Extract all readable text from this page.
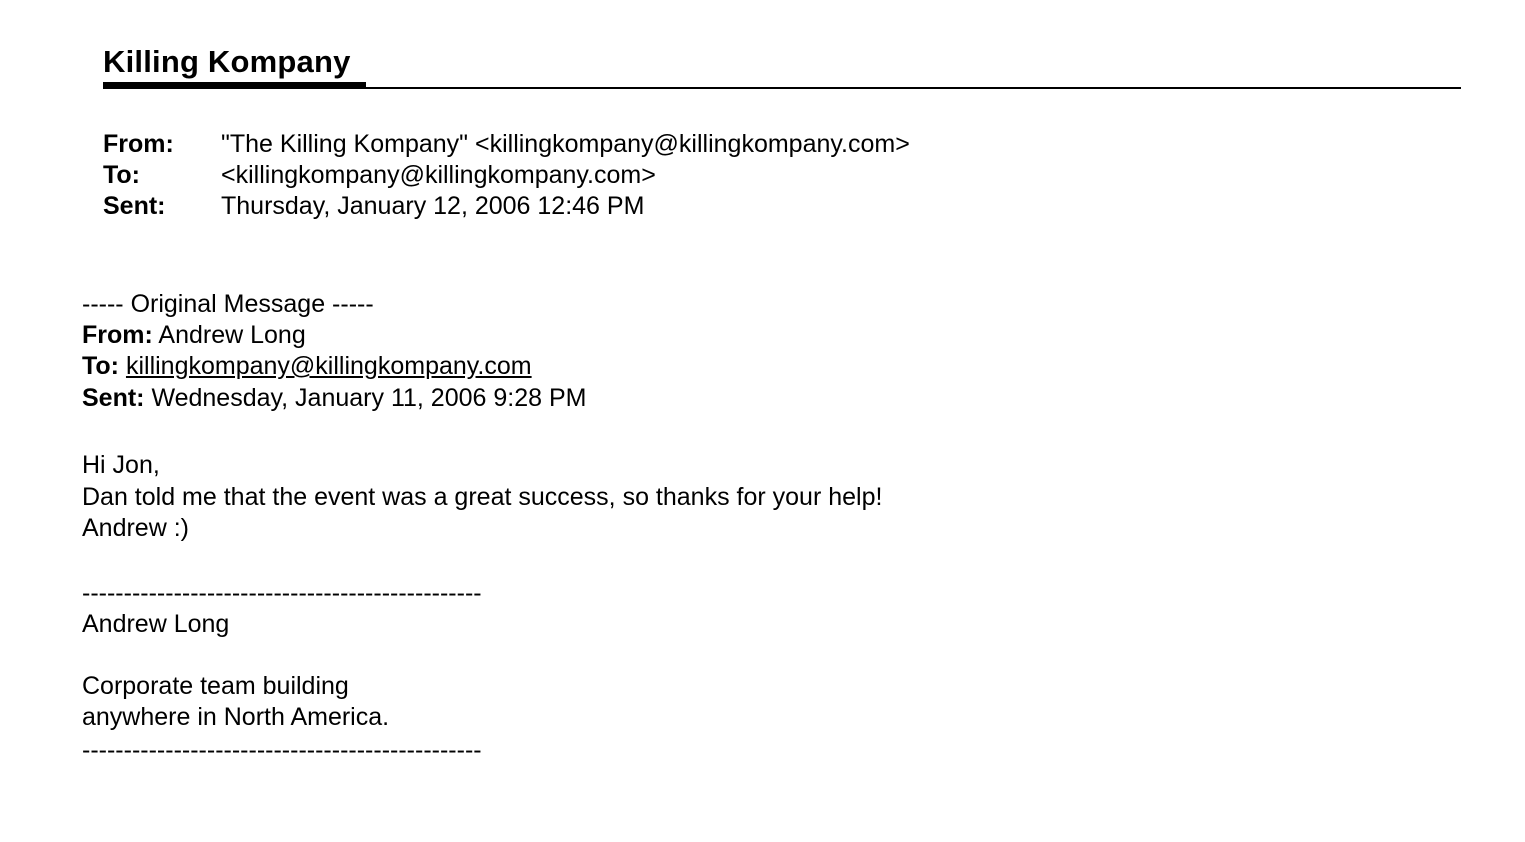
Killing Kompany
From: "The Killing Kompany" <killingkompany@killingkompany.com>
To:	<killingkompany@killingkompany.com>
Sent: Thursday, January 12, 2006 12:46 PM
----- Original Message -----
From: Andrew Long
To: killingkompany@killingkompany.com
Sent: Wednesday, January 11, 2006 9:28 PM
Hi Jon,
Dan told me that the event was a great success, so thanks for your help!
Andrew :)
------------------------------------------------
Andrew Long
Corporate team building
anywhere in North America.
------------------------------------------------
